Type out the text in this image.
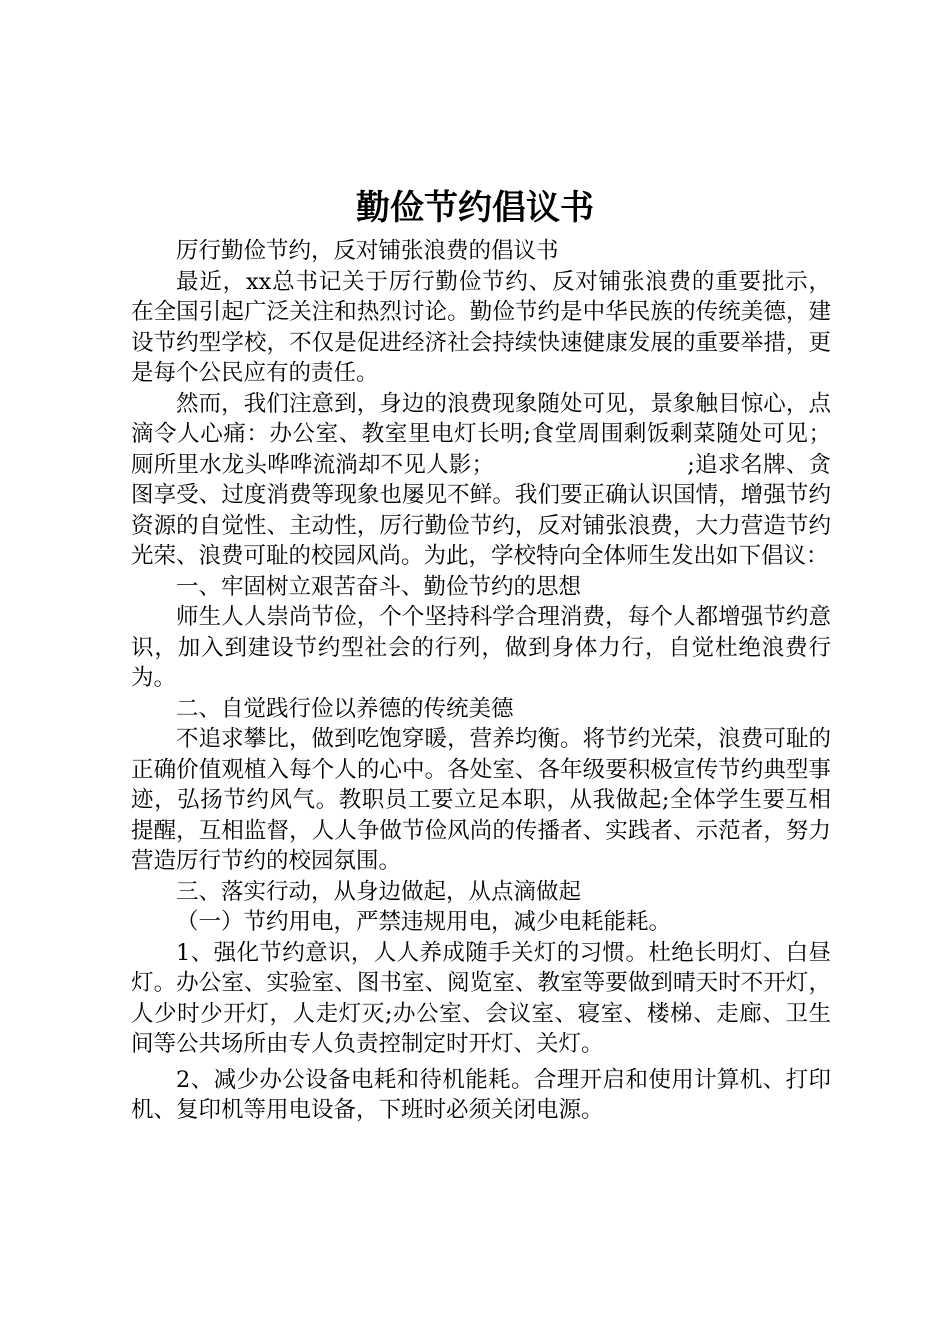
勤俭节约倡议书

厉行勤俭节约，反对铺张浪费的倡议书

最近，xx总书记关于厉行勤俭节约、反对铺张浪费的重要批示，在全国引起广泛关注和热烈讨论。勤俭节约是中华民族的传统美德，建设节约型学校，不仅是促进经济社会持续快速健康发展的重要举措，更是每个公民应有的责任。

然而，我们注意到，身边的浪费现象随处可见，景象触目惊心，点滴令人心痛：办公室、教室里电灯长明;食堂周围剩饭剩菜随处可见；厕所里水龙头哗哗流淌却不见人影；　　　　　　　　　;追求名牌、贪图享受、过度消费等现象也屡见不鲜。我们要正确认识国情，增强节约资源的自觉性、主动性，厉行勤俭节约，反对铺张浪费，大力营造节约光荣、浪费可耻的校园风尚。为此，学校特向全体师生发出如下倡议：

一、牢固树立艰苦奋斗、勤俭节约的思想

师生人人崇尚节俭，个个坚持科学合理消费，每个人都增强节约意识，加入到建设节约型社会的行列，做到身体力行，自觉杜绝浪费行为。

二、自觉践行俭以养德的传统美德

不追求攀比，做到吃饱穿暖，营养均衡。将节约光荣，浪费可耻的正确价值观植入每个人的心中。各处室、各年级要积极宣传节约典型事迹，弘扬节约风气。教职员工要立足本职，从我做起;全体学生要互相提醒，互相监督，人人争做节俭风尚的传播者、实践者、示范者，努力营造厉行节约的校园氛围。

三、落实行动，从身边做起，从点滴做起

（一）节约用电，严禁违规用电，减少电耗能耗。

1、强化节约意识，人人养成随手关灯的习惯。杜绝长明灯、白昼灯。办公室、实验室、图书室、阅览室、教室等要做到晴天时不开灯，人少时少开灯，人走灯灭;办公室、会议室、寝室、楼梯、走廊、卫生间等公共场所由专人负责控制定时开灯、关灯。

2、减少办公设备电耗和待机能耗。合理开启和使用计算机、打印机、复印机等用电设备，下班时必须关闭电源。
